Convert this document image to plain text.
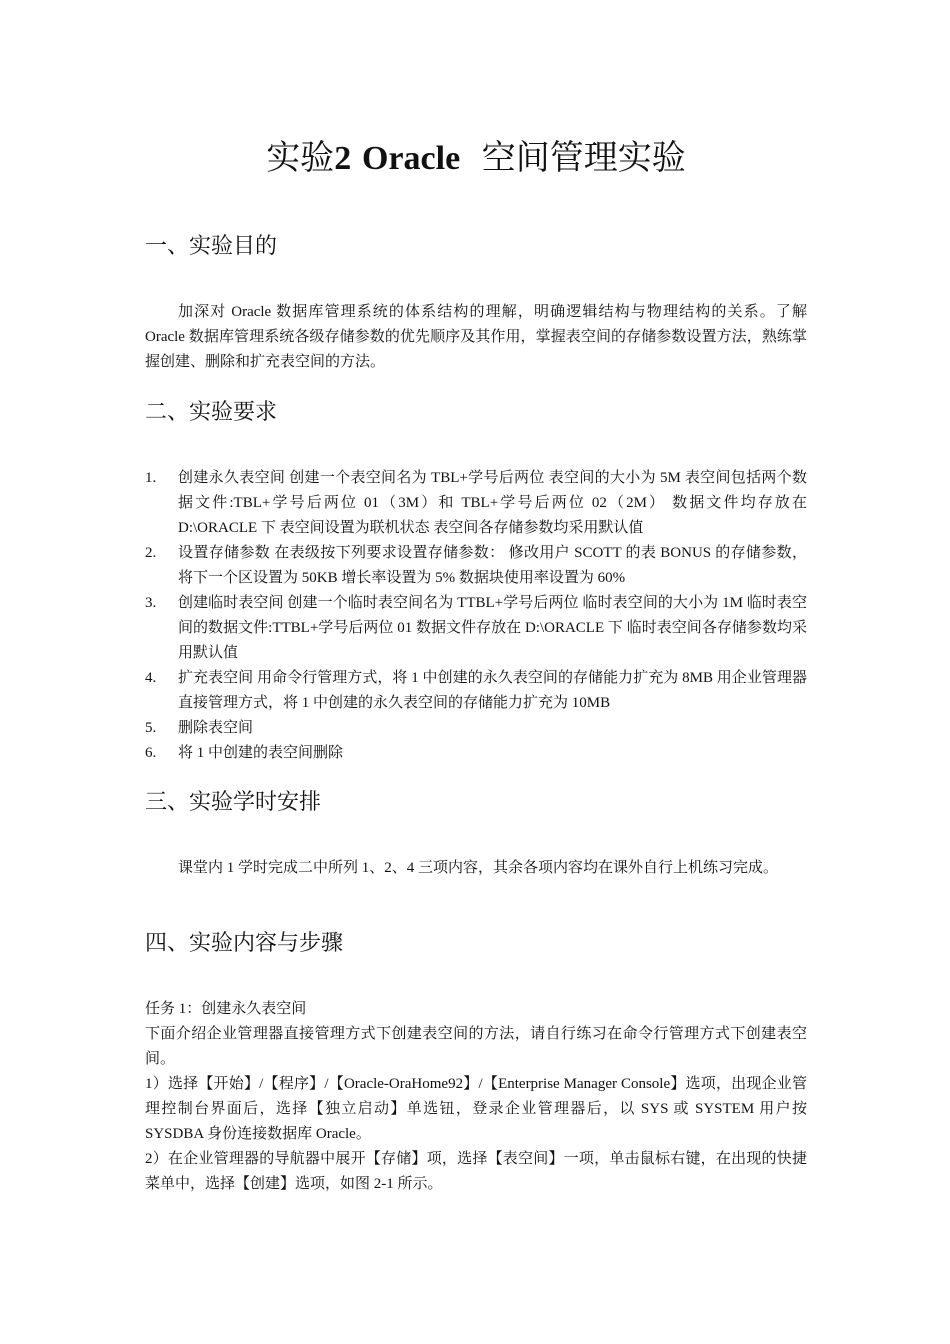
实验2 Oracle 空间管理实验
一、实验目的
加深对 Oracle 数据库管理系统的体系结构的理解，明确逻辑结构与物理结构的关系。了解 Oracle 数据库管理系统各级存储参数的优先顺序及其作用，掌握表空间的存储参数设置方法，熟练掌握创建、删除和扩充表空间的方法。
二、实验要求
1. 创建永久表空间 创建一个表空间名为 TBL+学号后两位 表空间的大小为 5M 表空间包括两个数据文件:TBL+学号后两位 01（3M）和 TBL+学号后两位 02（2M） 数据文件均存放在 D:\ORACLE 下 表空间设置为联机状态 表空间各存储参数均采用默认值
2. 设置存储参数 在表级按下列要求设置存储参数： 修改用户 SCOTT 的表 BONUS 的存储参数，将下一个区设置为 50KB 增长率设置为 5% 数据块使用率设置为 60%
3. 创建临时表空间 创建一个临时表空间名为 TTBL+学号后两位 临时表空间的大小为 1M 临时表空间的数据文件:TTBL+学号后两位 01 数据文件存放在 D:\ORACLE 下 临时表空间各存储参数均采用默认值
4. 扩充表空间 用命令行管理方式，将 1 中创建的永久表空间的存储能力扩充为 8MB 用企业管理器直接管理方式，将 1 中创建的永久表空间的存储能力扩充为 10MB
5. 删除表空间
6. 将 1 中创建的表空间删除
三、实验学时安排
课堂内 1 学时完成二中所列 1、2、4 三项内容，其余各项内容均在课外自行上机练习完成。
四、实验内容与步骤
任务 1：创建永久表空间
下面介绍企业管理器直接管理方式下创建表空间的方法，请自行练习在命令行管理方式下创建表空间。
1）选择【开始】/【程序】/【Oracle-OraHome92】/【Enterprise Manager Console】选项，出现企业管理控制台界面后，选择【独立启动】单选钮，登录企业管理器后，以 SYS 或 SYSTEM 用户按 SYSDBA 身份连接数据库 Oracle。
2）在企业管理器的导航器中展开【存储】项，选择【表空间】一项，单击鼠标右键，在出现的快捷菜单中，选择【创建】选项，如图 2-1 所示。
